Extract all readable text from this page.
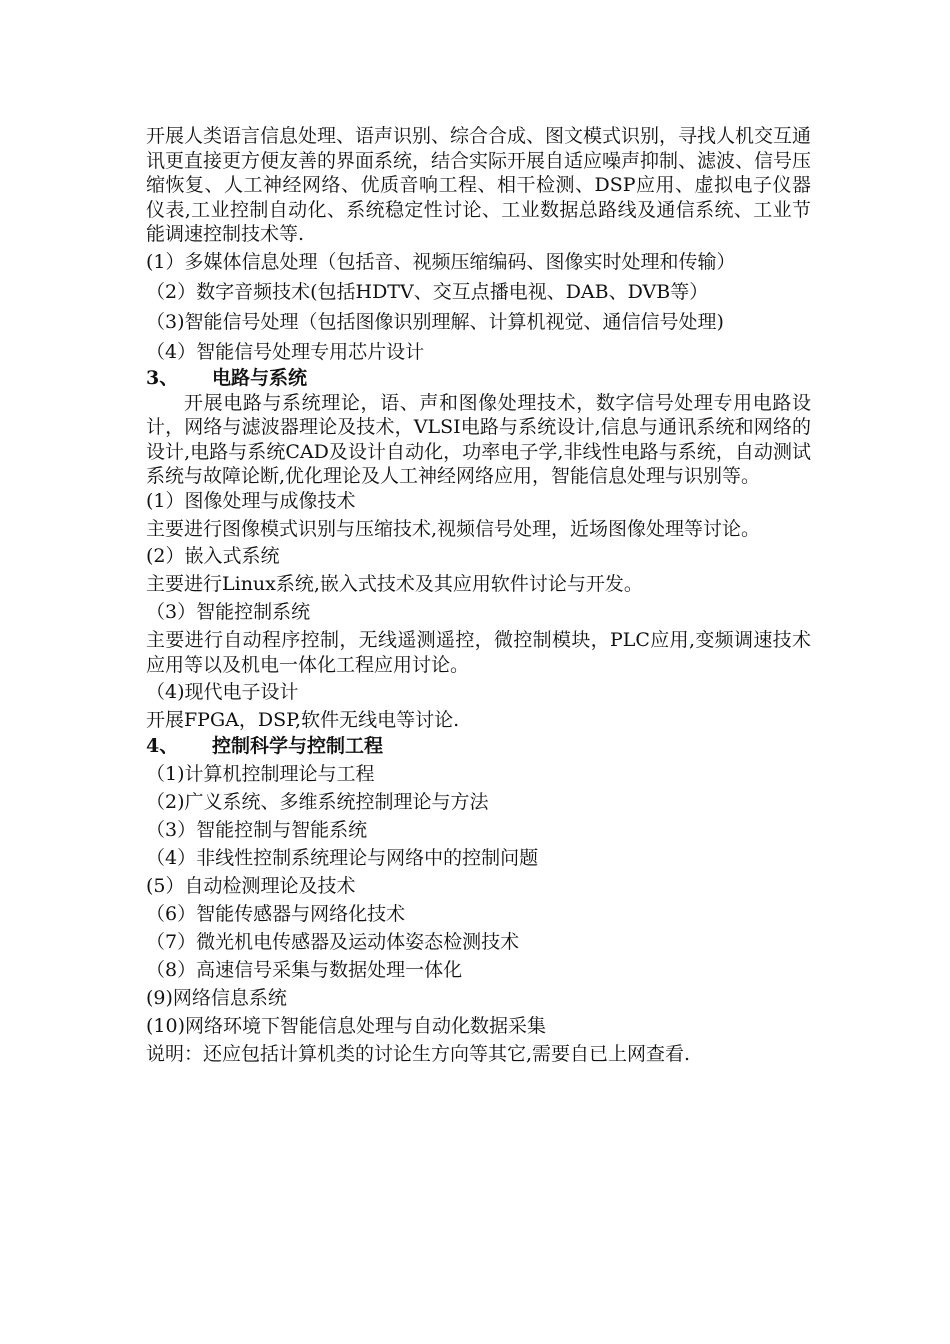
开展人类语言信息处理、语声识别、综合合成、图文模式识别，寻找人机交互通讯更直接更方便友善的界面系统，结合实际开展自适应噪声抑制、滤波、信号压缩恢复、人工神经网络、优质音响工程、相干检测、DSP应用、虚拟电子仪器仪表,工业控制自动化、系统稳定性讨论、工业数据总路线及通信系统、工业节能调速控制技术等.

(1）多媒体信息处理（包括音、视频压缩编码、图像实时处理和传输）

（2）数字音频技术(包括HDTV、交互点播电视、DAB、DVB等）

（3)智能信号处理（包括图像识别理解、计算机视觉、通信信号处理)

（4）智能信号处理专用芯片设计

3、 电路与系统

开展电路与系统理论，语、声和图像处理技术，数字信号处理专用电路设计，网络与滤波器理论及技术，VLSI电路与系统设计,信息与通讯系统和网络的设计,电路与系统CAD及设计自动化，功率电子学,非线性电路与系统，自动测试系统与故障论断,优化理论及人工神经网络应用，智能信息处理与识别等。

(1）图像处理与成像技术

主要进行图像模式识别与压缩技术,视频信号处理，近场图像处理等讨论。

(2）嵌入式系统

主要进行Linux系统,嵌入式技术及其应用软件讨论与开发。

（3）智能控制系统

主要进行自动程序控制，无线遥测遥控，微控制模块，PLC应用,变频调速技术应用等以及机电一体化工程应用讨论。

（4)现代电子设计

开展FPGA，DSP,软件无线电等讨论.

4、 控制科学与控制工程

（1)计算机控制理论与工程

（2)广义系统、多维系统控制理论与方法

（3）智能控制与智能系统

（4）非线性控制系统理论与网络中的控制问题

(5）自动检测理论及技术

（6）智能传感器与网络化技术

（7）微光机电传感器及运动体姿态检测技术

（8）高速信号采集与数据处理一体化

(9)网络信息系统

(10)网络环境下智能信息处理与自动化数据采集

说明：还应包括计算机类的讨论生方向等其它,需要自已上网查看.
